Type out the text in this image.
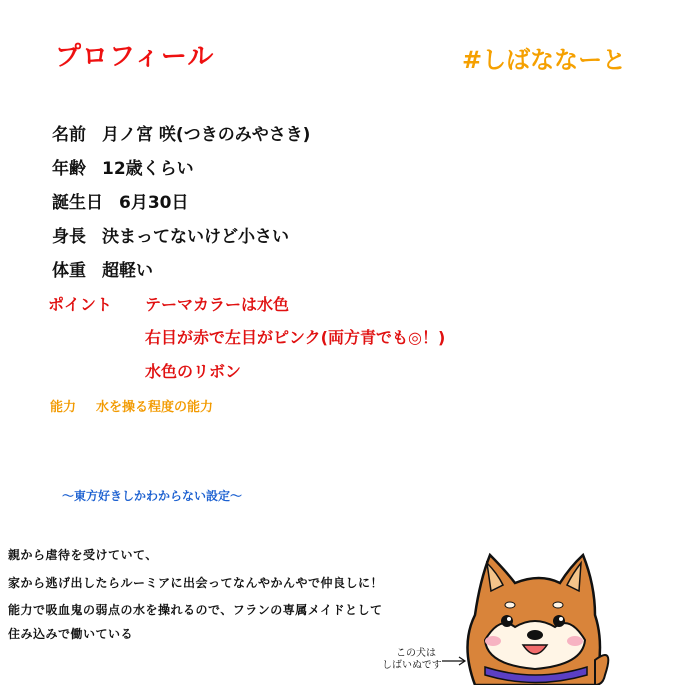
プロフィール	#しばななーと
名前 月ノ宮 咲(つきのみやさき)
年齢 12歳くらい
誕生日 6月30日
身長 決まってないけど小さい
体重 超軽い
ポイント テーマカラーは水色
右目が赤で左目がピンク(両方青でも◎！)
水色のリボン
能力 水を操る程度の能力
〜東方好きしかわからない設定〜
親から虐待を受けていて、
家から逃げ出したらルーミアに出会ってなんやかんやで仲良しに！
能力で吸血鬼の弱点の水を操れるので、フランの専属メイドとして
住み込みで働いている
この犬は
しばいぬです
